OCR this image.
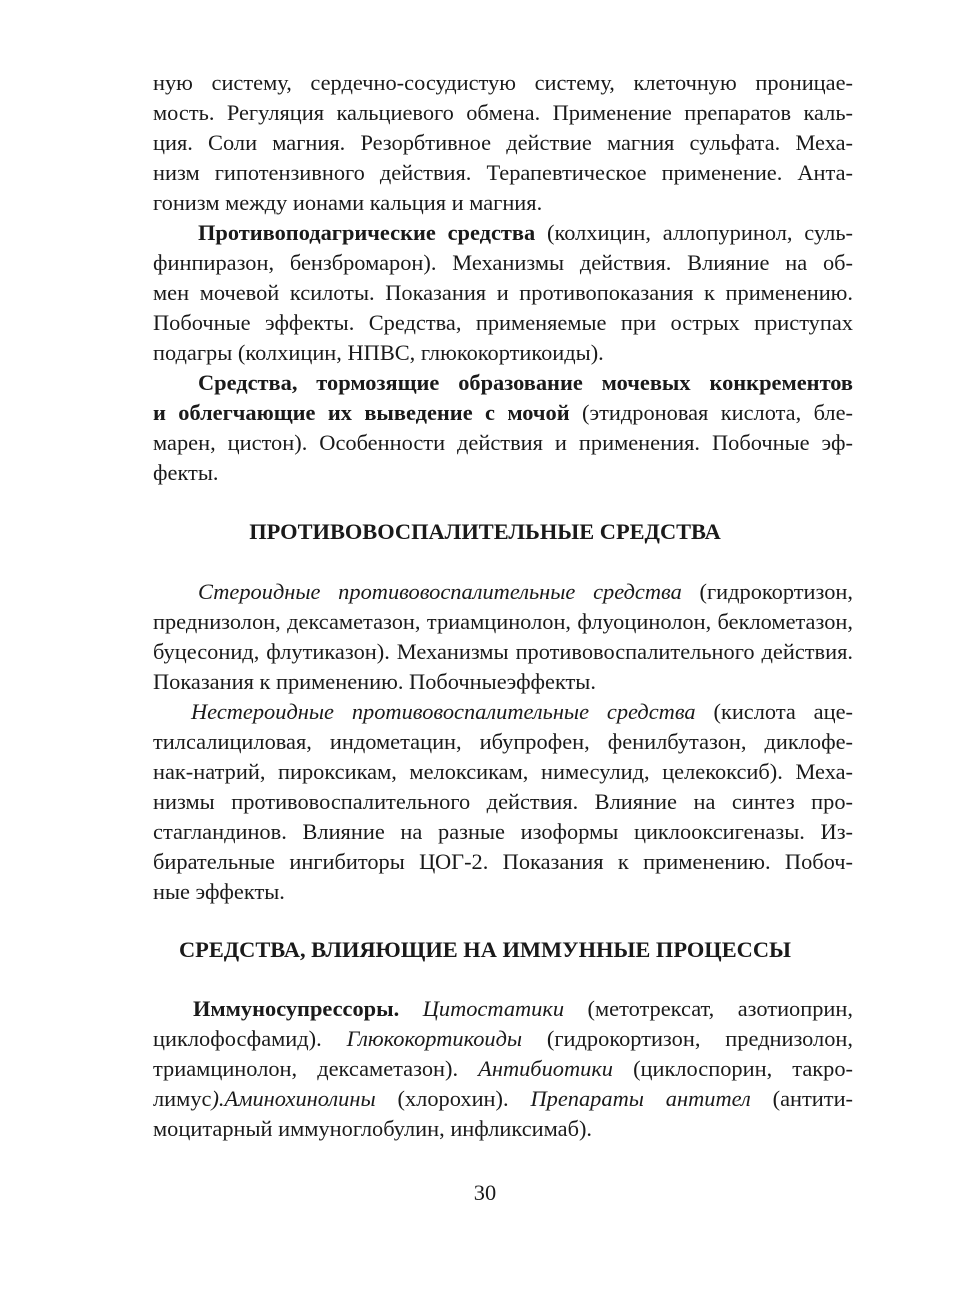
ную систему, сердечно-сосудистую систему, клеточную проницае-
мость. Регуляция кальциевого обмена. Применение препаратов каль-
ция. Соли магния. Резорбтивное действие магния сульфата. Меха-
низм гипотензивного действия. Терапевтическое применение. Анта-
гонизм между ионами кальция и магния.
Противоподагрические средства (колхицин, аллопуринол, суль-
финпиразон, бензбромарон). Механизмы действия. Влияние на об-
мен мочевой ксилоты. Показания и противопоказания к применению.
Побочные эффекты. Средства, применяемые при острых приступах
подагры (колхицин, НПВС, глюкокортикоиды).
Средства, тормозящие образование мочевых конкрементов
и облегчающие их выведение с мочой (этидроновая кислота, бле-
марен, цистон). Особенности действия и применения. Побочные эф-
фекты.
ПРОТИВОВОСПАЛИТЕЛЬНЫЕ СРЕДСТВА
Стероидные противовоспалительные средства (гидрокортизон,
преднизолон, дексаметазон, триамцинолон, флуоцинолон, беклометазон,
буцесонид, флутиказон). Механизмы противовоспалительного действия.
Показания к применению. Побочныеэффекты.
Нестероидные противовоспалительные средства (кислота аце-
тилсалициловая, индометацин, ибупрофен, фенилбутазон, диклофе-
нак-натрий, пироксикам, мелоксикам, нимесулид, целекоксиб). Меха-
низмы противовоспалительного действия. Влияние на синтез про-
стагландинов. Влияние на разные изоформы циклооксигеназы. Из-
бирательные ингибиторы ЦОГ-2. Показания к применению. Побоч-
ные эффекты.
СРЕДСТВА, ВЛИЯЮЩИЕ НА ИММУННЫЕ ПРОЦЕССЫ
Иммуносупрессоры. Цитостатики (метотрексат, азотиоприн,
циклофосфамид). Глюкокортикоиды (гидрокортизон, преднизолон,
триамцинолон, дексаметазон). Антибиотики (циклоспорин, такро-
лимус).Аминохинолины (хлорохин). Препараты антител (антити-
моцитарный иммуноглобулин, инфликсимаб).
30
